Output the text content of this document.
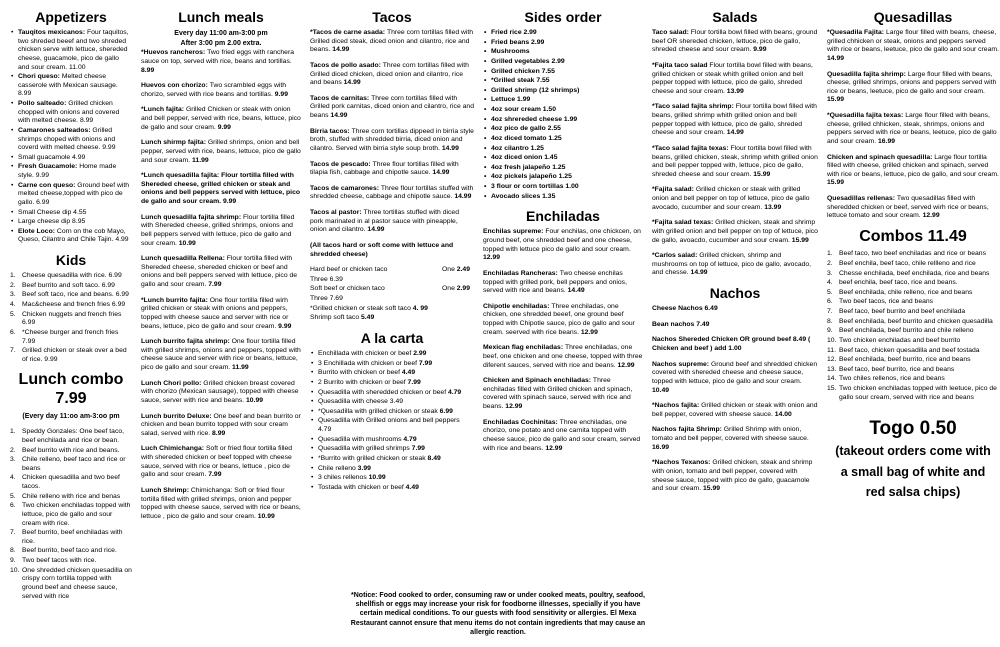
Appetizers
• Tauqitos mexicanos: Four taquitos, two shreded beeef and two shreded chicken serve with lettuce, shereded cheese, guacamole, pico de gallo and sour cream. 11.00
• Chori queso: Melted cheese casserole with Mexican sausage. 8.99
• Pollo salteado: Grilled chicken chopped with onions and covered with melted cheese. 8.99
• Camarones salteados: Grilled shrimps choped with onions and coverd with melted cheese. 9.99
• Small guacamole 4.99
• Fresh Guacamole: Home made style. 9.99
• Carne con queso: Ground beef with melted cheese,topped with pico de gallo. 6.99
• Small Cheese dip 4.55
• Large cheese dip 8.95
• Elote Loco: Corn on the cob Mayo, Queso, Cilantro and Chile Tajin. 4.99
Kids
Cheese quesadilla with rice. 6.99
Beef burrito and soft taco. 6.99
Beef soft taco, rice and beans. 6.99
Mac&cheese and french fries 6.99
Chicken nuggets and french fries 6.99
*Cheese burger and french fries 7.99
Grilled chicken or steak over a bed of rice. 9.99
Lunch combo 7.99
(Every day 11:oo am-3:oo pm
Speddy Gonzales: One beef taco, beef enchilada and rice or bean.
Beef burrito with rice and beans.
Chile relleno, beef taco and rice or beans
Chicken quesadilla and two beef tacos.
Chile relleno with rice and benas
Two chicken enchiladas topped with lettuce, pico de gallo and sour cream with rice.
Beef burrito, beef enchiladas with rice.
Beef burrito, beef taco and rice.
Two beef tacos with rice.
One shredded chicken quesadilla on crispy corn tortilla topped with ground beef and cheese sauce, served with rice
Lunch meals
Every day 11:00 am-3:00 pm
After 3:00 pm 2.00 extra.
*Huevos rancheros: Two fried eggs with ranchera sauce on top, served with rice, beans and tortillas. 8.99
Huevos con chorizo: Two scrambled eggs with chorizo, served with rice beans and tortillas. 9.99
*Lunch fajita: Grilled Chicken or steak with onion and bell pepper, served with rice, beans, lettuce, pico de gallo and sour cream. 9.99
Lunch shirmp fajita: Grilled shrimps, onion and bell pepper, served with rice, beans, lettuce, pico de gallo and sour cream. 11.99
*Lunch quesadilla fajita: Flour tortilla filled with Shereded cheese, grilled chicken or steak and onions and bell peppers served with lettuce, pico de gallo and sour cream. 9.99
Lunch quesadilla fajita shrimp: Flour tortilla filled with Shereded cheese, grilled shrimps, onions and bell peppers served with lettuce, pico de gallo and sour cream. 10.99
Lunch quesadilla Rellena: Flour tortilla filled with Shereded cheese, shereded chicken or beef and onions and bell peppers served with lettuce, pico de gallo and sour cream. 7.99
*Lunch burrito fajita: One flour tortilla filled wirh grilled chicken or steak with onions and peppers, topped with cheese sauce and server with rice or beans, lettuce, pico de gallo and sour cream. 9.99
Lunch burrito fajita shrimp: One flour tortilla filled with grilled shrimps, onions and peppers, topped with cheese sauce and server with rice or beans, lettuce, pico de gallo and sour cream. 11.99
Lunch Chori pollo: Grilled chicken breast covered with chorizo (Mexican sausage), topped with cheese sauce, server with rice and beans. 10.99
Lunch burrito Deluxe: One beef and bean burrito or chicken and bean burrito topped with sour cream salad, served with rice. 8.99
Luch Chimichanga: Soft or fried flour tortilla filled with shereded chicken or beef topped with cheese sauce, served with rice or beans, lettuce , pico de gallo and sour cream. 7.99
Lunch Shrimp: Chimichanga: Soft or fried flour tortilla filled with grilled shrimps, onion and pepper topped with cheese sauce, served with rice or beans, lettuce , pico de gallo and sour cream. 10.99
Tacos
*Tacos de carne asada: Three corn tortillas filled with Grilled diced steak, diced onion and cilantro, rice and beans. 14.99
Tacos de pollo asado: Three corn tortillas filled with Grilled diced chicken, diced onion and cilantro, rice and beans 14.99
Tacos de carnitas: Three corn tortillas filled with Grilled pork carnitas, diced onion and cilantro, rice and beans 14.99
Birria tacos: Three corn tortillas dippeed in birria style broth, stuffed with shredded birria, diced onion and cilantro. Served with birria style soup broth. 14.99
Tacos de pescado: Three flour tortillas filled with tilapia fish, cabbage and chipotle sauce. 14.99
Tacos de camarones: Three flour tortillas stuffed with shredded cheese, cabbage and chipotle sauce. 14.99
Tacos al pastor: Three tortillas stuffed with diced pork marinated in al pastor sauce with pineapple, onion and cilantro. 14.99
(All tacos hard or soft come with lettuce and shredded cheese)
Hard beef or chicken taco	One 2.49
Three 6.39
Soft beef or chicken taco	One 2.99
Three 7.69
*Grilled chicken or steak soft taco 4. 99
Shrimp soft taco 5.49
A la carta
• Enchillada with chicken or beef 2.99
• 3 Enchillada with chicken or beef 7.99
• Burrito with chicken or beef 4.49
• 2 Burrito with chicken or beef 7.99
• Quesadilla with sheredded chicken or beef 4.79
• Quesadilla with cheese 3.49
• *Quesadilla with grilled chicken or steak 6.99
• Quesadilla with Grilled onions and bell peppers 4.79
• Quesadilla with mushrooms 4.79
• Quesadilla with grilled shrimps 7.99
• *Burrito with grilled chicken or steak 8.49
• Chile relleno 3.99
• 3 chiles rellenos 10.99
• Tostada with chicken or beef 4.49
Sides order
• Fried rice 2.99
• Fried beans 2.99
• Mushrooms
• Grilled vegetables 2.99
• Grilled chicken 7.55
• *Grilled steak 7.55
• Grilled shrimp (12 shrimps)
• Lettuce 1.99
• 4oz sour cream 1.50
• 4oz shrereded cheese 1.99
• 4oz pico de gallo 2.55
• 4oz diced tomato 1.25
• 4oz cilantro 1.25
• 4oz diced onion 1.45
• 4oz fresh jalapeño 1.25
• 4oz pickels jalapeño 1.25
• 3 flour or corn tortillas 1.00
• Avocado slices 1.35
Enchiladas
Enchilas supreme: Four enchilas, one chickcen, on ground beef, one shredded beef and one cheese, topped with lettuce pico de gallo and sour cream. 12.99
Enchiladas Rancheras: Two cheese enchilas topped with grilled pork, bell peppers and onios, served with rice and beans. 14.49
Chipotle enchiladas: Three enchiladas, one chicken, one shredded beeef, one ground beef topped with Chipotle sauce, pico de gallo and sour cream. seerved with rice beans. 12.99
Mexican flag enchiladas: Three enchiladas, one beef, one chicken and one cheese, topped with three diferent sauces, served with rice and beans. 12.99
Chicken and Spinach enchiladas: Three enchiladas filled with Grilled chicken and spinach, covered with spinach sauce, served with rice and beans. 12.99
Enchiladas Cochinitas: Three enchiladas, one chorizo, one potato and one carnita topped with cheese sauce, pico de gallo and sour cream, served with rice and beans. 12.99
Salads
Taco salad: Flour tortilla bowl filled with beans, ground beef OR shereded chicken, lettuce, pico de gallo, shreded cheese and sour cream. 9.99
*Fajita taco salad Flour tortilla bowl filled with beans, grilled chicken or steak whith grilled onion and bell pepper topped with lettuce, pico de gallo, shreded cheese and sour cream. 13.99
*Taco salad fajita shrimp: Flour tortilla bowl filled with beans, grilled shrimp whith grilled onion and bell pepper topped with lettuce, pico de gallo, shreded cheese and sour cream. 14.99
*Taco salad fajita texas: Flour tortilla bowl filled with beans, grilled chicken, steak, shrimp whith grilled onion and bell pepper topped with, lettuce, pico de gallo, shreded cheese and sour cream. 15.99
*Fajita salad: Grilled chicken or steak with grilled onion and bell pepper on top of lettuce, pico de gallo avocado, cucumber and sour cream. 13.99
*Fajita salad texas: Grilled chicken, steak and shrimp with grilled onion and bell pepper on top of lettuce, pico de gallo, avoacdo, cucumber and sour cream. 15.99
*Carlos salad: Grilled chicken, shrimp and mushrooms on top of lettuce, pico de gallo, avocado, and chesse. 14.99
Nachos
Cheese Nachos 6.49
Bean nachos 7.49
Nachos Shereded Chicken OR ground beef 8.49 ( Chicken and beef ) add 1.00
Nachos supreme: Ground beef and shredded chicken covered with shereded cheese and cheese sauce, topped with lettuce, pico de gallo and sour cream. 10.49
*Nachos fajita: Grilled chicken or steak with onion and bell pepper, covered with sheese sauce. 14.00
Nachos fajita Shrimp: Grilled Shrimp with onion, tomato and bell pepper, covered with sheese sauce. 16.99
*Nachos Texanos: Grilled chicken, steak and shrimp with onion, tomato and bell pepper, covered with sheese sauce, topped with pico de gallo, guacamole and sour cream. 15.99
Quesadillas
*Quesadila Fajita: Large flour filled with beans, cheese, grilled chhicken or steak, onions and peppers served with rice or beans, leetuce, pico de gallo and sour cream. 14.99
Quesadilla fajita shrimp: Large flour filled with beans, cheese, grilled shrimps, onions and peppers served with rice or beans, leetuce, pico de gallo and sour cream. 15.99
*Quesadilla fajita texas: Large flour filled with beans, cheese, grilled chhicken, steak, shrimps, onions and peppers served with rice or beans, leetuce, pico de gallo and sour cream. 16.99
Chicken and spinach quesadilla: Large flour tortilla filled with cheese, grilled chicken and spinach, served with rice or beans, lettuce, pico de gallo, and sour cream. 15.99
Quesadillas rellenas: Two quesadillas filled with sheredded chicken or beef, served wirh rice or beans, lettuce tomato and sour cream. 12.99
Combos 11.49
Beef taco, two beef enchiladas and rice or beans
Beef enchila, beef taco, chile rellleno and rice
Chesse enchilada, beef enchilada, rice and beans
beef enchila, beef taco, rice and beans.
Beef enchilada, chile relleno, rice and beans
Two beef tacos, rice and beans
Beef taco, beef burrito and beef enchilada
Beef enchilada, beef burrito and chicken quesadilla
Beef enchilada, beef burrito and chile relleno
Two chicken enchiladas and beef burrito
Beef taco, chicken quesadilla and beef tostada
Beef enchilada, beef burrito, rice and beans
Beef taco, beef burrito, rice and beans
Two chiles rellenos, rice and beans
Two chicken enchiladas topped with leetuce, pico de gallo sour cream, served with rice and beans
Togo 0.50
(takeout orders come with
a small bag of white and
red salsa chips)
*Notice: Food cooked to order, consuming raw or under cooked meats, poultry, seafood, shellfish or eggs may increase your risk for foodborne illnesses, specially if you have certain medical conditions. To our guests with food sensitivity or allergies. El Mexa Restaurant cannot ensure that menu items do not contain ingredients that may cause an allergic reaction.
